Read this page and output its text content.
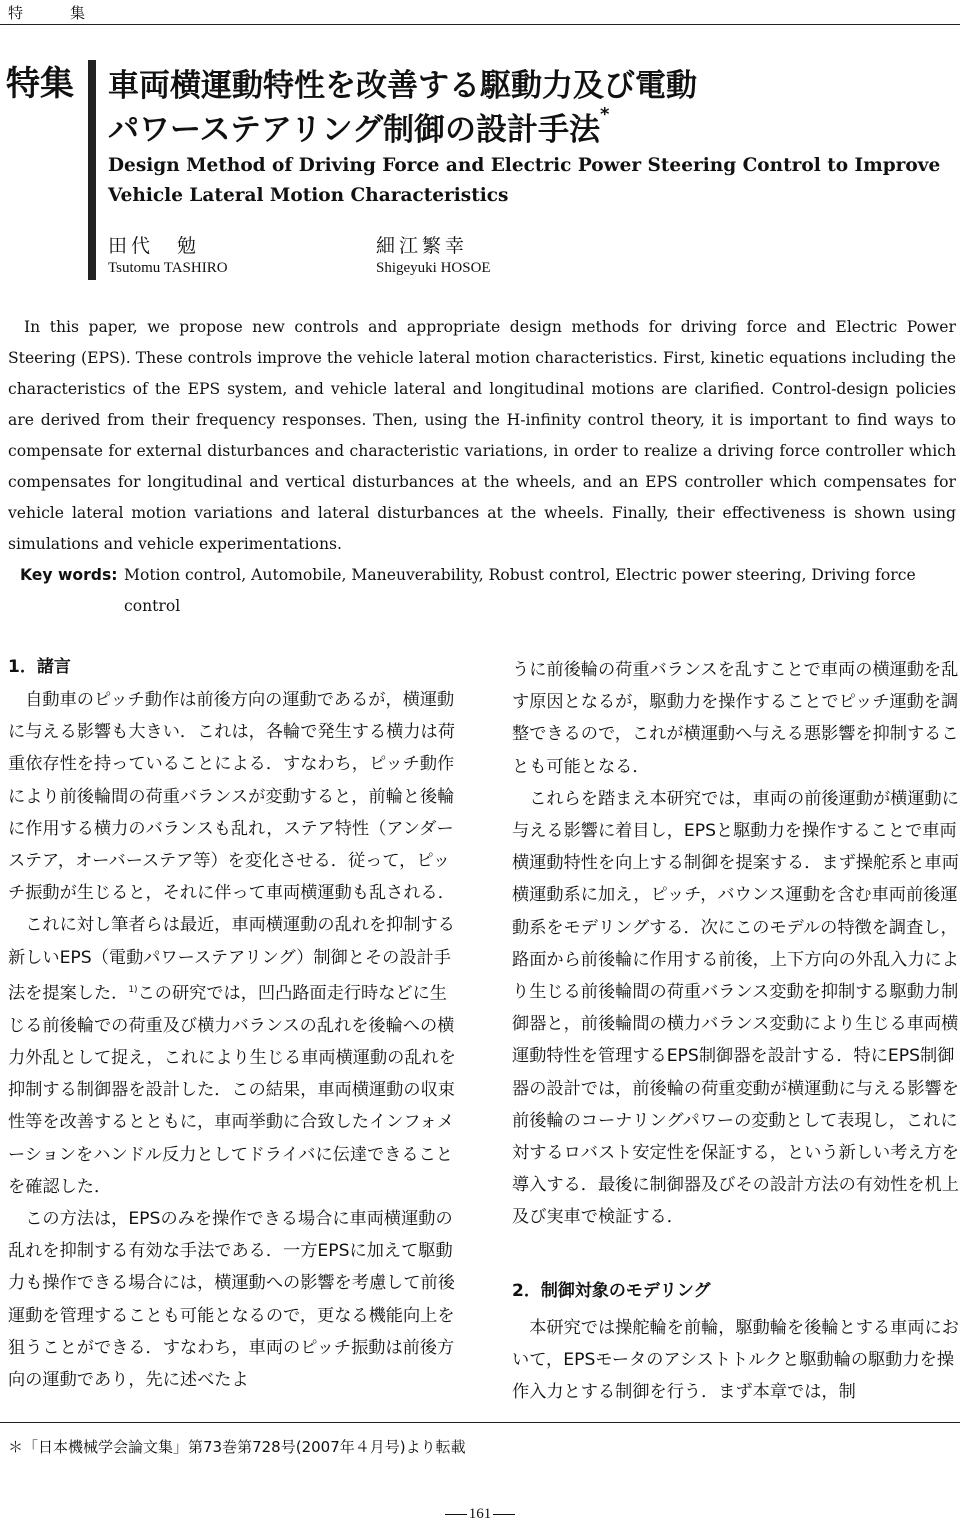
特　集
特集 車両横運動特性を改善する駆動力及び電動
パワーステアリング制御の設計手法*
Design Method of Driving Force and Electric Power Steering Control to Improve
Vehicle Lateral Motion Characteristics
田代　勉
Tsutomu TASHIRO
細江繁幸
Shigeyuki HOSOE

In this paper, we propose new controls and appropriate design methods for driving force and Electric Power Steering (EPS). These controls improve the vehicle lateral motion characteristics. First, kinetic equations including the characteristics of the EPS system, and vehicle lateral and longitudinal motions are clarified. Control-design policies are derived from their frequency responses. Then, using the H-infinity control theory, it is important to find ways to compensate for external disturbances and characteristic variations, in order to realize a driving force controller which compensates for longitudinal and vertical disturbances at the wheels, and an EPS controller which compensates for vehicle lateral motion variations and lateral disturbances at the wheels. Finally, their effectiveness is shown using simulations and vehicle experimentations.

Key words: Motion control, Automobile, Maneuverability, Robust control, Electric power steering, Driving force
control
1．諸言

自動車のピッチ動作は前後方向の運動であるが，横運動に与える影響も大きい．これは，各輪で発生する横力は荷重依存性を持っていることによる．すなわち，ピッチ動作により前後輪間の荷重バランスが変動すると，前輪と後輪に作用する横力のバランスも乱れ，ステア特性（アンダーステア，オーバーステア等）を変化させる．従って，ピッチ振動が生じると，それに伴って車両横運動も乱される．

これに対し筆者らは最近，車両横運動の乱れを抑制する新しいEPS（電動パワーステアリング）制御とその設計手法を提案した．$^{1)}$この研究では，凹凸路面走行時などに生じる前後輪での荷重及び横力バランスの乱れを後輪への横力外乱として捉え，これにより生じる車両横運動の乱れを抑制する制御器を設計した．この結果，車両横運動の収束性等を改善するとともに，車両挙動に合致したインフォメーションをハンドル反力としてドライバに伝達できることを確認した．

この方法は，EPSのみを操作できる場合に車両横運動の乱れを抑制する有効な手法である．一方EPSに加えて駆動力も操作できる場合には，横運動への影響を考慮して前後運動を管理することも可能となるので，更なる機能向上を狙うことができる．すなわち，車両のピッチ振動は前後方向の運動であり，先に述べたよ

うに前後輪の荷重バランスを乱すことで車両の横運動を乱す原因となるが，駆動力を操作することでピッチ運動を調整できるので，これが横運動へ与える悪影響を抑制することも可能となる．

これらを踏まえ本研究では，車両の前後運動が横運動に与える影響に着目し，EPSと駆動力を操作することで車両横運動特性を向上する制御を提案する．まず操舵系と車両横運動系に加え，ピッチ，バウンス運動を含む車両前後運動系をモデリングする．次にこのモデルの特徴を調査し，路面から前後輪に作用する前後，上下方向の外乱入力により生じる前後輪間の荷重バランス変動を抑制する駆動力制御器と，前後輪間の横力バランス変動により生じる車両横運動特性を管理するEPS制御器を設計する．特にEPS制御器の設計では，前後輪の荷重変動が横運動に与える影響を前後輪のコーナリングパワーの変動として表現し，これに対するロバスト安定性を保証する，という新しい考え方を導入する．最後に制御器及びその設計方法の有効性を机上及び実車で検証する．

2．制御対象のモデリング

本研究では操舵輪を前輪，駆動輪を後輪とする車両において，EPSモータのアシストトルクと駆動輪の駆動力を操作入力とする制御を行う．まず本章では，制

＊「日本機械学会論文集」第73巻第728号(2007年４月号)より転載
161
